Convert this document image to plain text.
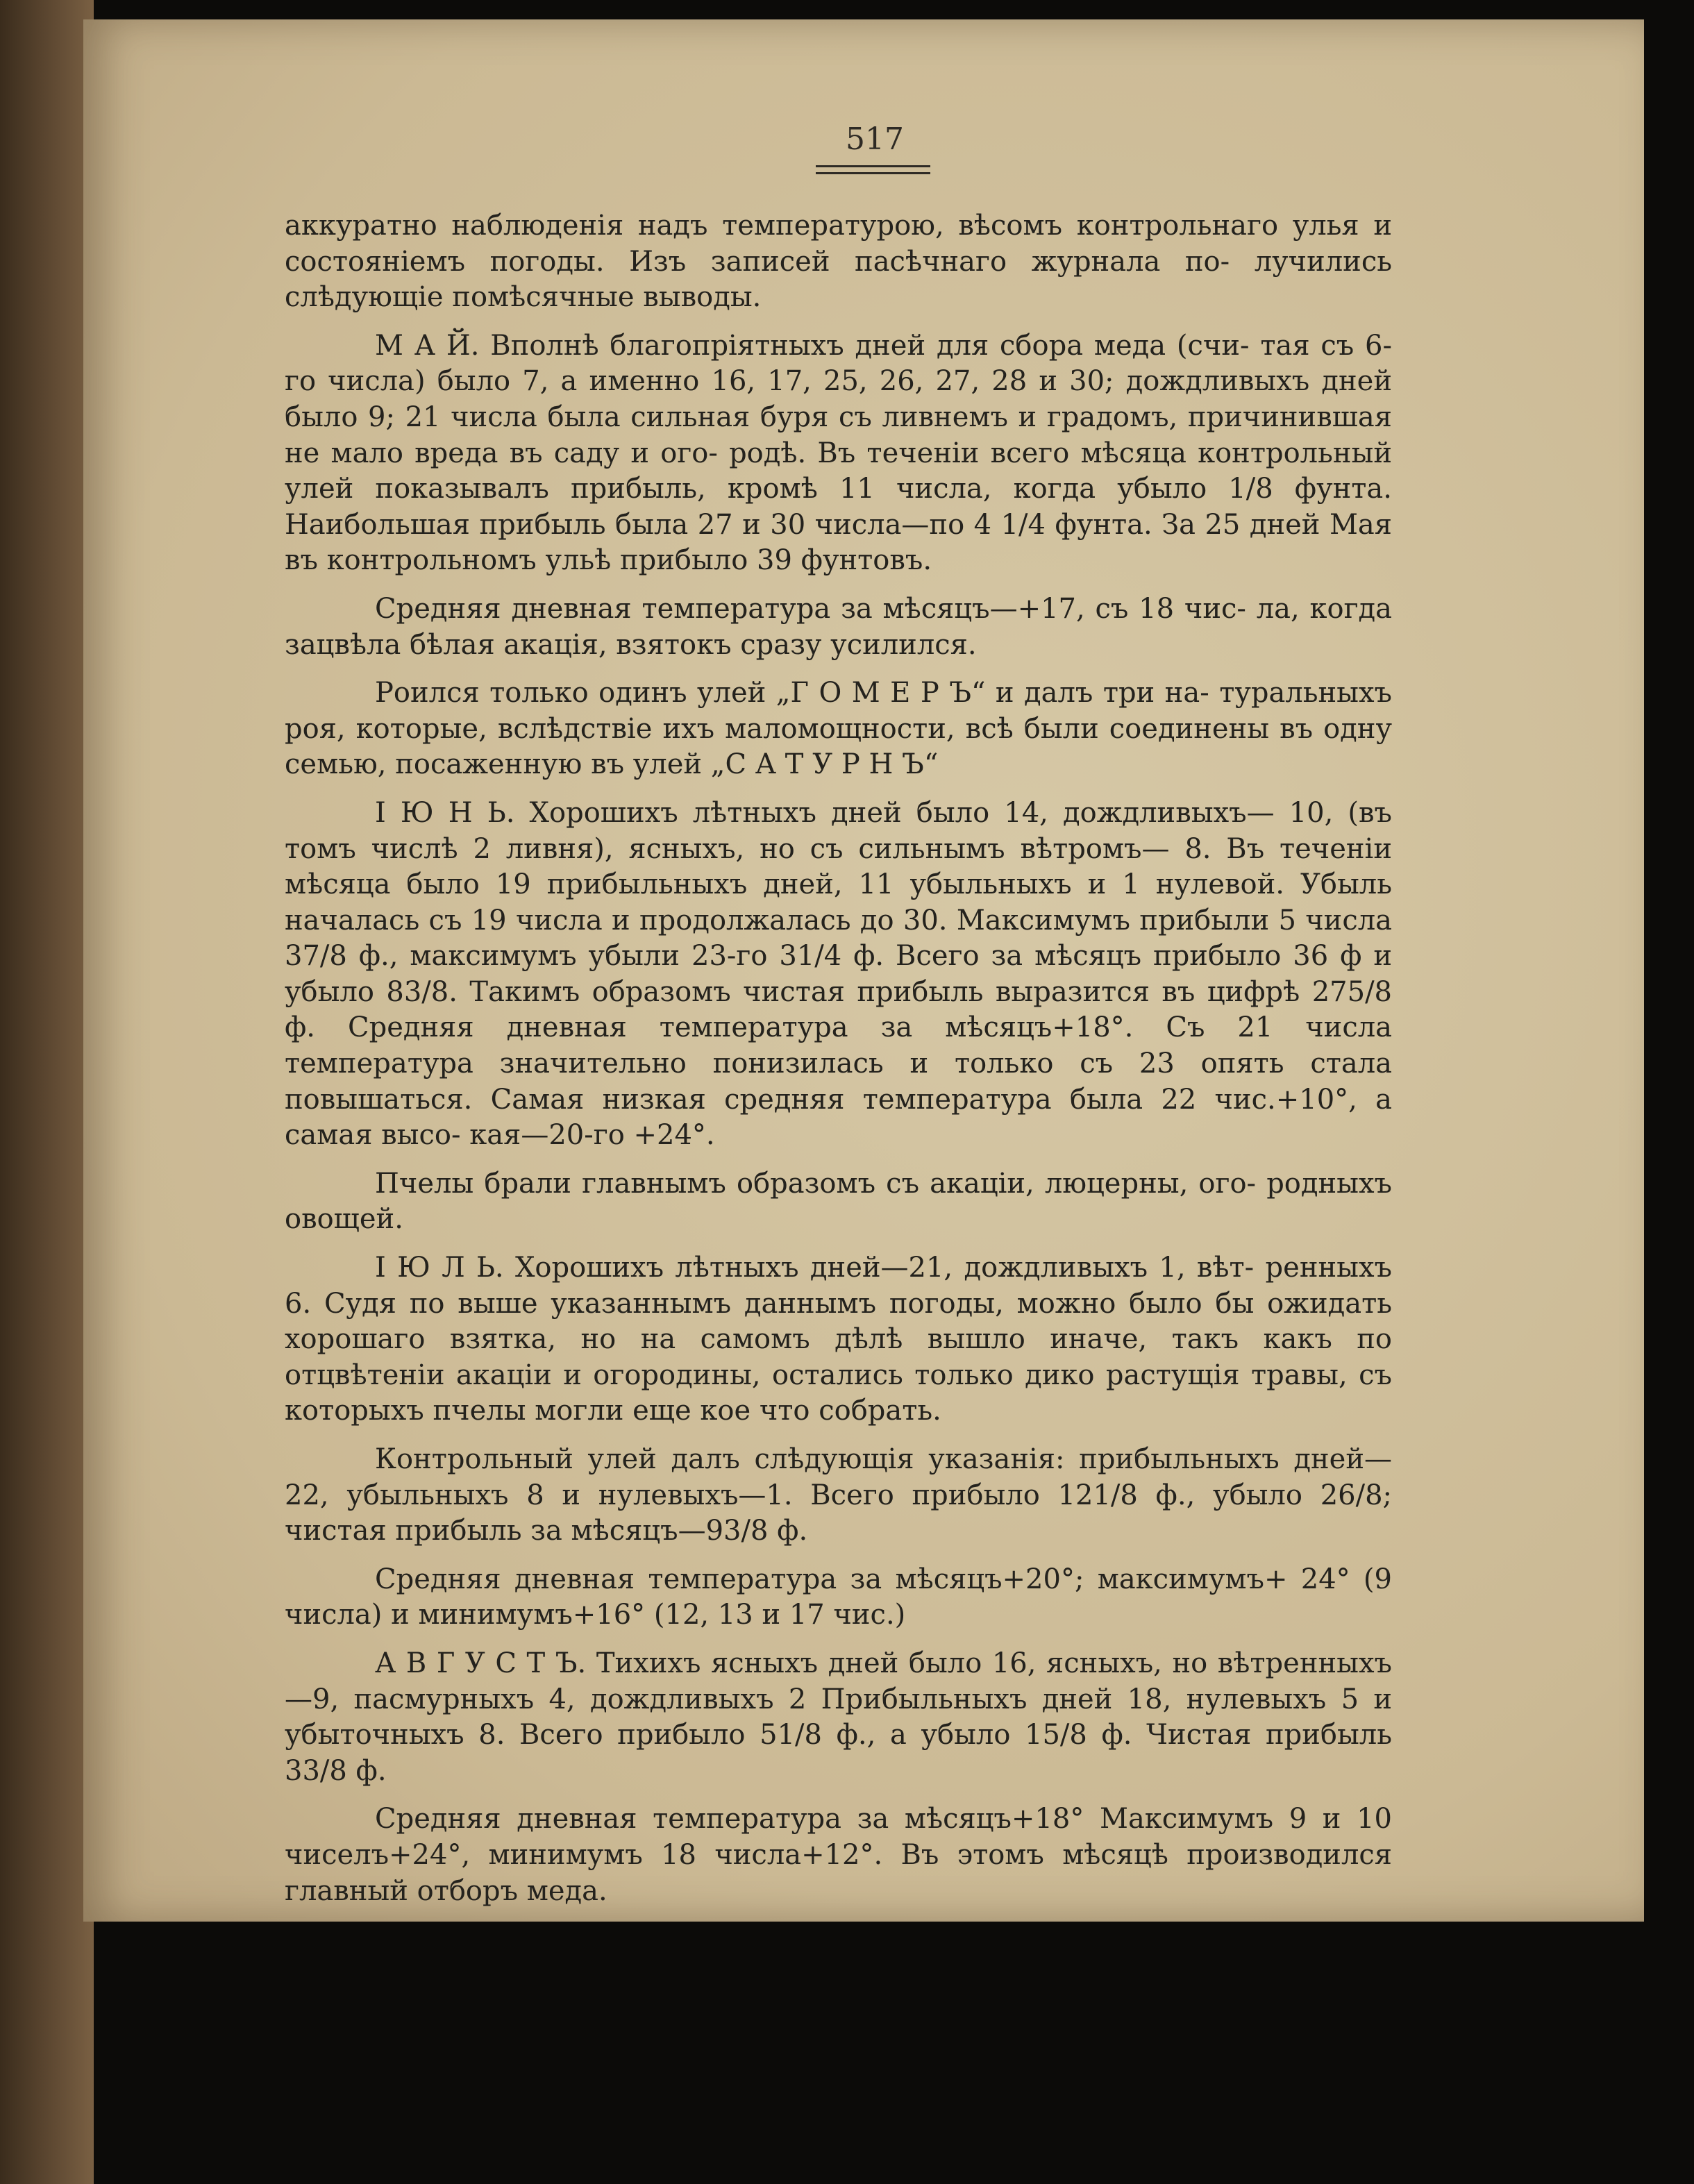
517

аккуратно наблюденія надъ температурою, вѣсомъ контрольнаго улья и состояніемъ погоды. Изъ записей пасѣчнаго журнала по- лучились слѣдующіе помѣсячные выводы.

М А Й. Вполнѣ благопріятныхъ дней для сбора меда (счи- тая съ 6-го числа) было 7, а именно 16, 17, 25, 26, 27, 28 и 30; дождливыхъ дней было 9; 21 числа была сильная буря съ ливнемъ и градомъ, причинившая не мало вреда въ саду и ого- родѣ. Въ теченіи всего мѣсяца контрольный улей показывалъ прибыль, кромѣ 11 числа, когда убыло 1/8 фунта. Наибольшая прибыль была 27 и 30 числа—по 4 1/4 фунта. За 25 дней Мая въ контрольномъ ульѣ прибыло 39 фунтовъ.

Средняя дневная температура за мѣсяцъ—+17, съ 18 чис- ла, когда зацвѣла бѣлая акація, взятокъ сразу усилился.

Роился только одинъ улей „Г О М Е Р Ъ“ и далъ три на- туральныхъ роя, которые, вслѣдствіе ихъ маломощности, всѣ были соединены въ одну семью, посаженную въ улей „С А Т У Р Н Ъ“

І Ю Н Ь. Хорошихъ лѣтныхъ дней было 14, дождливыхъ— 10, (въ томъ числѣ 2 ливня), ясныхъ, но съ сильнымъ вѣтромъ— 8. Въ теченіи мѣсяца было 19 прибыльныхъ дней, 11 убыльныхъ и 1 нулевой. Убыль началась съ 19 числа и продолжалась до 30. Максимумъ прибыли 5 числа 37/8 ф., максимумъ убыли 23-го 31/4 ф. Всего за мѣсяцъ прибыло 36 ф и убыло 83/8. Такимъ образомъ чистая прибыль выразится въ цифрѣ 275/8 ф. Средняя дневная температура за мѣсяцъ+18°. Съ 21 числа температура значительно понизилась и только съ 23 опять стала повышаться. Самая низкая средняя температура была 22 чис.+10°, а самая высо- кая—20-го +24°.

Пчелы брали главнымъ образомъ съ акаціи, люцерны, ого- родныхъ овощей.

І Ю Л Ь. Хорошихъ лѣтныхъ дней—21, дождливыхъ 1, вѣт- ренныхъ 6. Судя по выше указаннымъ даннымъ погоды, можно было бы ожидать хорошаго взятка, но на самомъ дѣлѣ вышло иначе, такъ какъ по отцвѣтеніи акаціи и огородины, остались только дико растущія травы, съ которыхъ пчелы могли еще кое что собрать.

Контрольный улей далъ слѣдующія указанія: прибыльныхъ дней—22, убыльныхъ 8 и нулевыхъ—1. Всего прибыло 121/8 ф., убыло 26/8; чистая прибыль за мѣсяцъ—93/8 ф.

Средняя дневная температура за мѣсяцъ+20°; максимумъ+ 24° (9 числа) и минимумъ+16° (12, 13 и 17 чис.)

А В Г У С Т Ъ. Тихихъ ясныхъ дней было 16, ясныхъ, но вѣтренныхъ—9, пасмурныхъ 4, дождливыхъ 2 Прибыльныхъ дней 18, нулевыхъ 5 и убыточныхъ 8. Всего прибыло 51/8 ф., а убыло 15/8 ф. Чистая прибыль 33/8 ф.

Средняя дневная температура за мѣсяцъ+18° Максимумъ 9 и 10 чиселъ+24°, минимумъ 18 числа+12°. Въ этомъ мѣсяцѣ производился главный отборъ меда.
